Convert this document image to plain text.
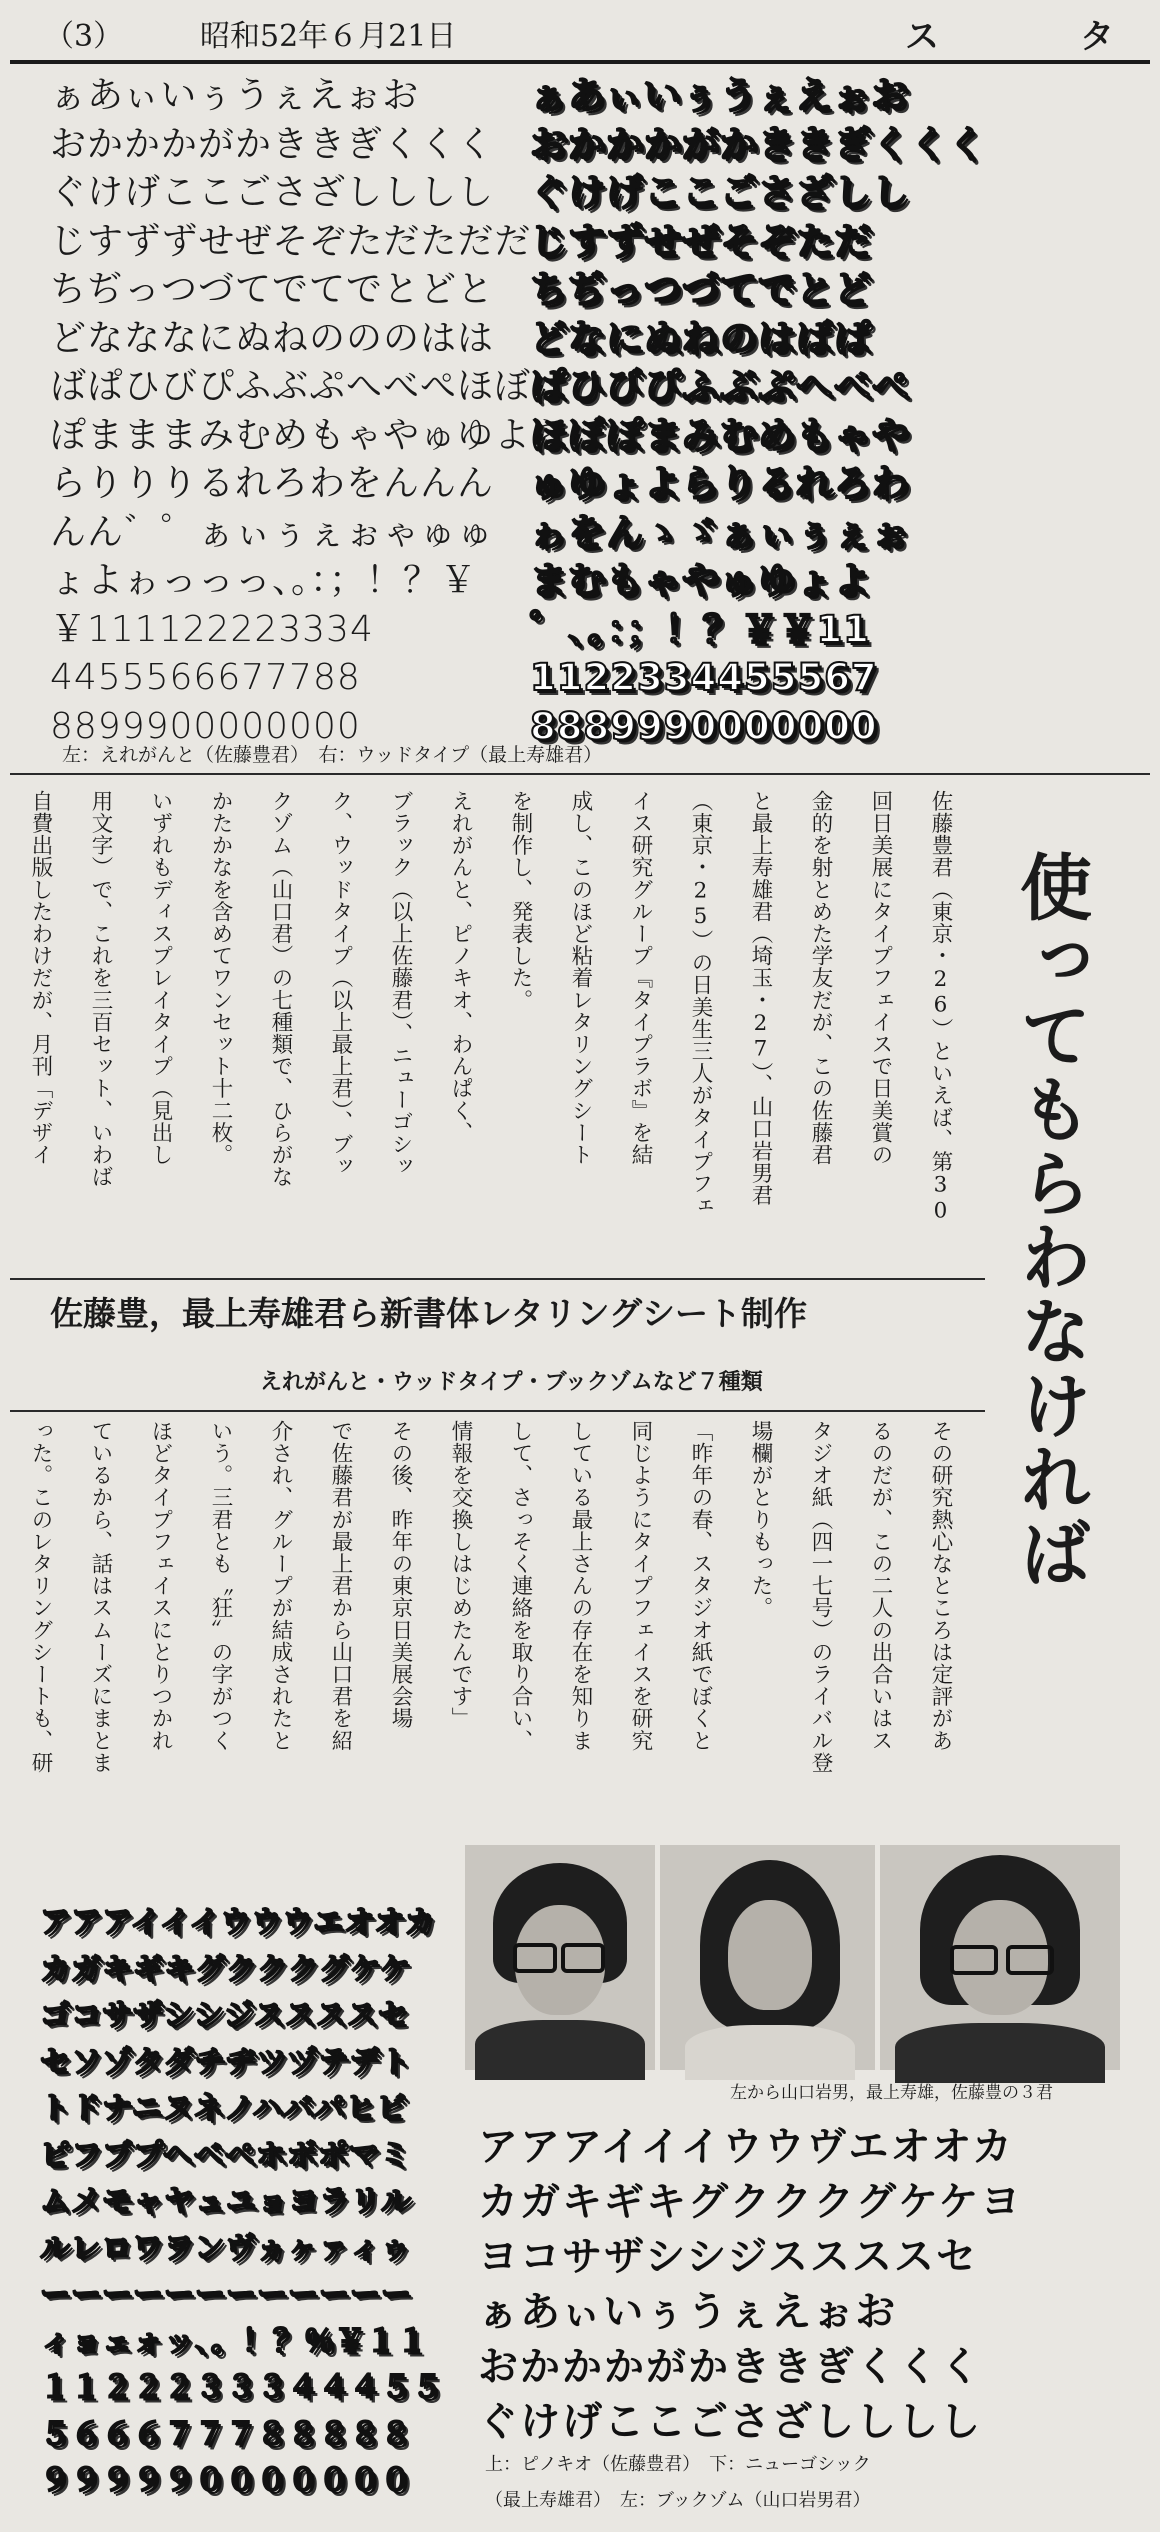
（3）	昭和52年６月21日	ス	タ
ぁあぃいぅうぇえぉお
おかかかがかききぎくくく
ぐけげここごさざしししし
じすずずせぜそぞただただだ
ちぢっつづてでてでとどと
どなななにぬねのののはは
ばぱひびぴふぶぷへべぺほぼ
ぽまままみむめもゃやゅゆよら
らりりりるれろわをんんん
んん゛゜ぁぃぅぇぉゃゅゅ
ょよゎっっっ、。：；！？￥
￥111122223334
4455566677788
8899900000000
ぁあぃいぅうぇえぉお
おかかかがかききぎくくく
ぐけげここごさざしし
じすずせぜそぞただ
ちぢっつづてでとど
どなにぬねのはばぱ
ぱひびぴふぶぷへべぺ
ほぼぽまみむめもゃや
ゅゆょよらりるれろわ
ゎをんゝゞぁぃぅぇぉ
まむもゃやゅゆょよ
゜、。：；！？￥￥11
1122334455567
8889990000000
左：えれがんと（佐藤豊君）　右：ウッドタイプ（最上寿雄君）

佐藤豊君（東京・26）といえば、第30

回日美展にタイプフェイスで日美賞の

金的を射とめた学友だが、この佐藤君

と最上寿雄君（埼玉・27）、山口岩男君

（東京・25）の日美生三人がタイプフェ

イス研究グループ『タイプラボ』を結

成し、このほど粘着レタリングシート

を制作し、発表した。

えれがんと、ピノキオ、わんぱく、

ブラック（以上佐藤君）、ニューゴシッ

ク、ウッドタイプ（以上最上君）、ブッ

クゾム（山口君）の七種類で、ひらがな

かたかなを含めてワンセット十二枚。

いずれもディスプレイタイプ（見出し

用文字）で、これを三百セット、いわば

自費出版したわけだが、月刊「デザイ	使ってもらわなければ
佐藤豊，最上寿雄君ら新書体レタリングシート制作
えれがんと・ウッドタイプ・ブックゾムなど７種類

その研究熱心なところは定評があ

るのだが、この二人の出合いはス

タジオ紙（四一七号）のライバル登

場欄がとりもった。

「昨年の春、スタジオ紙でぼくと

同じようにタイプフェイスを研究

している最上さんの存在を知りま

して、さっそく連絡を取り合い、

情報を交換しはじめたんです」

その後、昨年の東京日美展会場

で佐藤君が最上君から山口君を紹

介され、グループが結成されたと

いう。三君とも〝狂〟の字がつく

ほどタイプフェイスにとりつかれ

ているから、話はスムーズにまとま

った。このレタリングシートも、研

左から山口岩男，最上寿雄，佐藤豊の３君
アアアイイイウウウエオオカ
カガキギキグクククグケケ
ゴコサザシシジススススセ
セソゾタダチヂツヅテデト
トドナニヌネノハバパヒビ
ピフブプヘベペホボポマミ
ムメモャヤュユョヨラリル
ルレロワヲンヴヵヶァィゥ
ーーーーーーーーーーーー
ィョェォッ、。！？％￥１１
１１２２２３３３４４４５５
５６６６７７７８８８８８
９９９９９０００００００
アアアイイイウウヴエオオカ
カガキギキグクククグケケヨ
ヨコサザシシジススススセ
ぁあぃいぅうぇえぉお
おかかかがかききぎくくく
ぐけげここごさざしししし
上：ピノキオ（佐藤豊君）　下：ニューゴシック
（最上寿雄君）　左：ブックゾム（山口岩男君）
